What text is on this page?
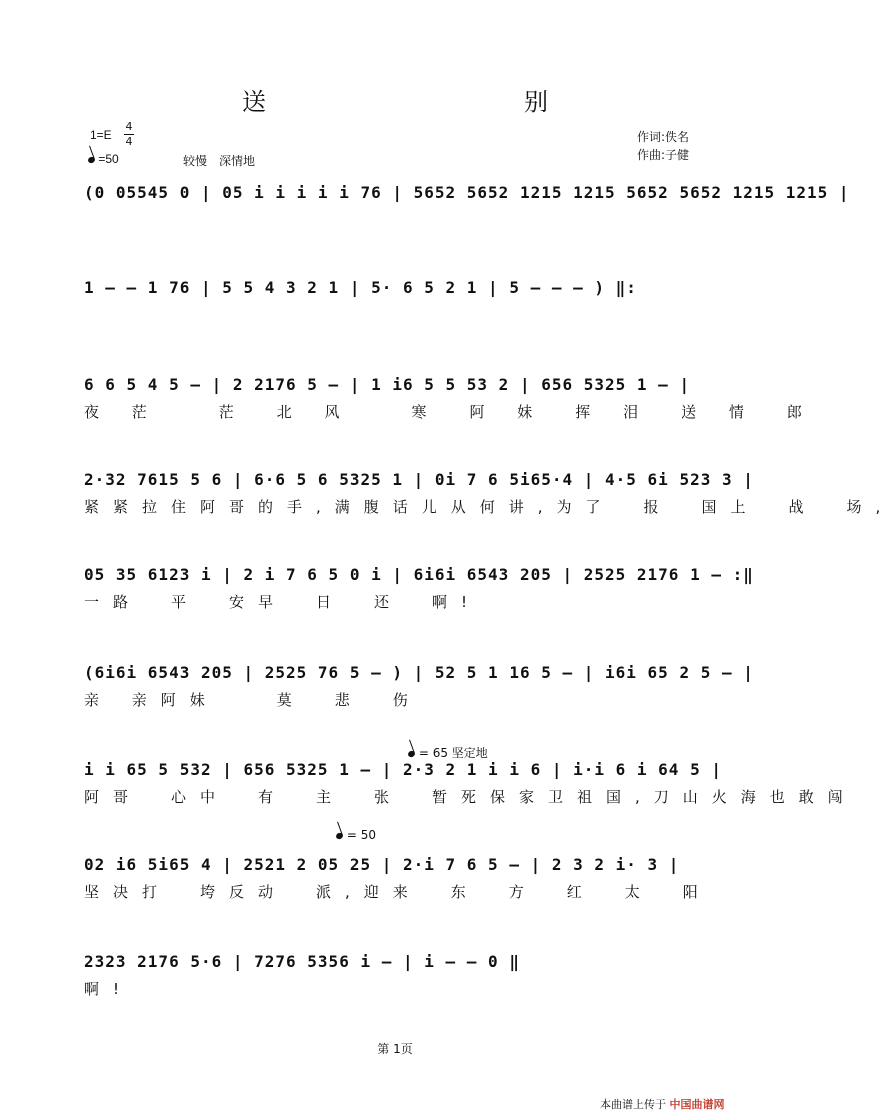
送　　别
1=E
4
4
=50	较慢　深情地
作词:佚名
作曲:子健
(0 05545 0 | 05 i i i i i 76 | 5652 5652 1215 1215 5652 5652 1215 1215 |
1 – – 1 76 | 5 5 4 3 2 1 | 5· 6 5 2 1 | 5 – – – ) ‖:
6 6 5 4 5 – | 2 2176 5 – | 1 i6 5 5 53 2 | 656 5325 1 – |
夜 茫　　茫　北 风　　寒　阿 妹　挥 泪　送 情　郎
2·32 7615 5 6 | 6·6 5 6 5325 1 | 0i 7 6 5i65·4 | 4·5 6i 523 3 |
紧紧拉住阿哥的手,满腹话儿从何讲,为了　报　国上　战　场,
05 35 6123 i | 2 i 7 6 5 0 i | 6i6i 6543 205 | 2525 2176 1 – :‖
一路　平　安早　日　还　啊!
(6i6i 6543 205 | 2525 76 5 – ) | 52 5 1 16 5 – | i6i 65 2 5 – |
亲 亲阿妹　　莫　悲　伤
= 65 坚定地
i i 65 5 532 | 656 5325 1 – | 2·3 2 1 i i 6 | i·i 6 i 64 5 |
阿哥　心中　有　主　张　暂死保家卫祖国,刀山火海也敢闯
= 50
02 i6 5i65 4 | 2521 2 05 25 | 2·i 7 6 5 – | 2 3 2 i· 3 |
坚决打　垮反动　派,迎来　东　方　红　太　阳
2323 2176 5·6 | 7276 5356 i – | i – – 0 ‖
啊!
第 1页
本曲谱上传于 中国曲谱网
